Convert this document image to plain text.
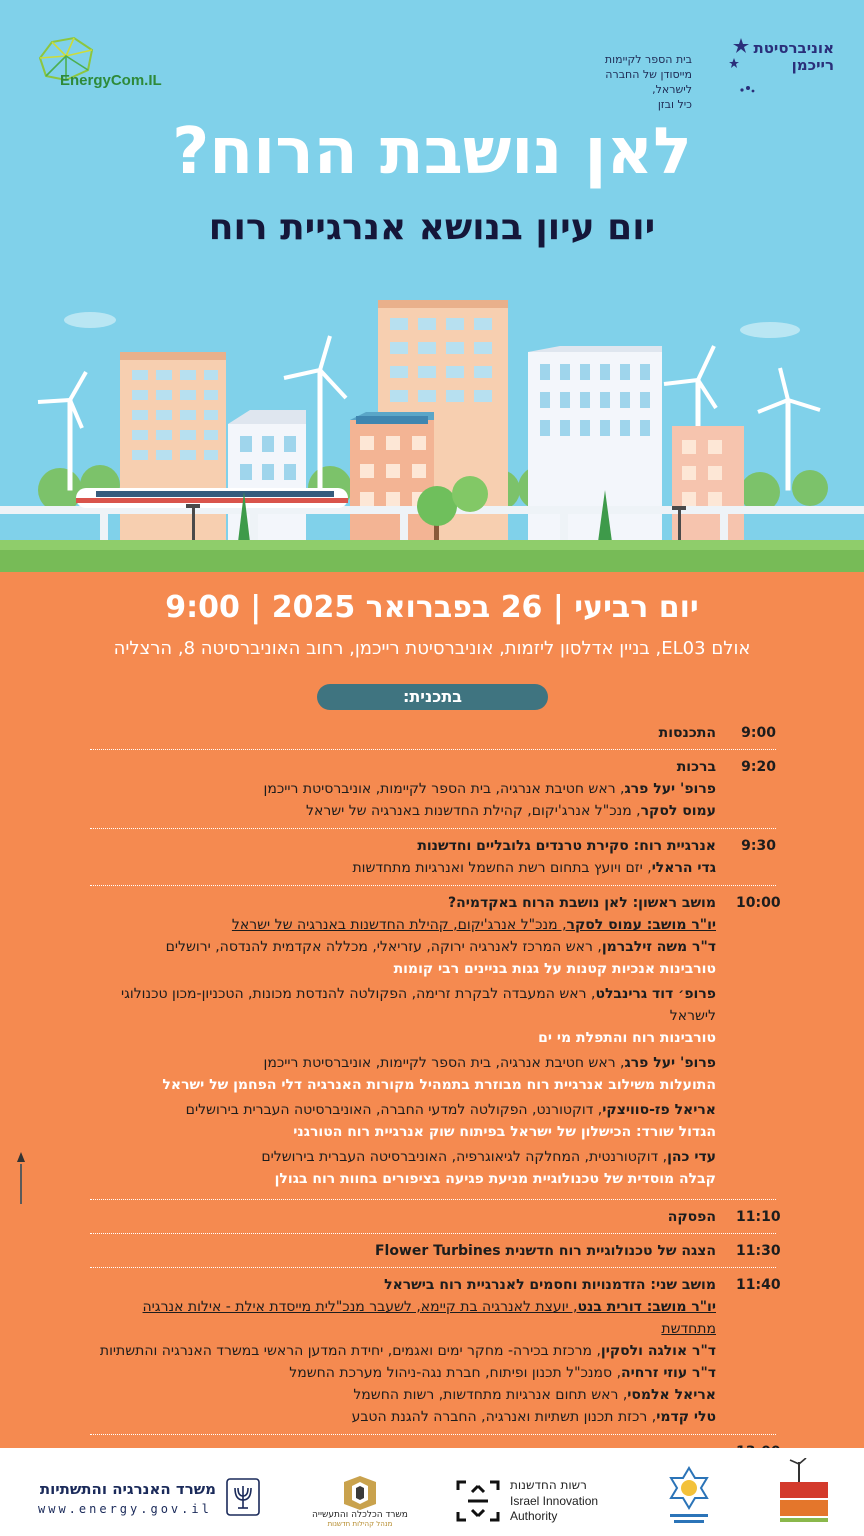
EnergyCom.IL
בית הספר לקיימות
מייסודן של החברה לישראל,
כיל ובזן
אוניברסיטת
רייכמן
לאן נושבת הרוח?
יום עיון בנושא אנרגיית רוח
יום רביעי | 26 בפברואר 2025 | 9:00
אולם EL03, בניין אדלסון ליזמות, אוניברסיטת רייכמן, רחוב האוניברסיטה 8, הרצליה
בתכנית:
9:00
התכנסות
9:20
ברכות
פרופ' יעל פרג, ראש חטיבת אנרגיה, בית הספר לקיימות, אוניברסיטת רייכמן
עמוס לסקר, מנכ"ל אנרג'יקום, קהילת החדשנות באנרגיה של ישראל
9:30
אנרגיית רוח: סקירת טרנדים גלובליים וחדשנות
גדי הראלי, יזם ויועץ בתחום רשת החשמל ואנרגיות מתחדשות
10:00
מושב ראשון: לאן נושבת הרוח באקדמיה?
יו"ר מושב: עמוס לסקר, מנכ"ל אנרג'יקום, קהילת החדשנות באנרגיה של ישראל
ד"ר משה זילברמן, ראש המרכז לאנרגיה ירוקה, עזריאלי, מכללה אקדמית להנדסה, ירושלים
טורבינות אנכיות קטנות על גגות בניינים רבי קומות
פרופ׳ דוד גרינבלט, ראש המעבדה לבקרת זרימה, הפקולטה להנדסת מכונות, הטכניון-מכון טכנולוגי לישראל
טורבינות רוח והתפלת מי ים
פרופ' יעל פרג, ראש חטיבת אנרגיה, בית הספר לקיימות, אוניברסיטת רייכמן
התועלות משילוב אנרגיית רוח מבוזרת בתמהיל מקורות האנרגיה דלי הפחמן של ישראל
אריאל פז-סוויצקי, דוקטורנט, הפקולטה למדעי החברה, האוניברסיטה העברית בירושלים
הגדול שורד: הכישלון של ישראל בפיתוח שוק אנרגיית רוח הטורגני
עדי כהן, דוקטורנטית, המחלקה לגיאוגרפיה, האוניברסיטה העברית בירושלים
קבלה מוסדית של טכנולוגיית מניעת פגיעה בציפורים בחוות רוח בגולן
11:10
הפסקה
11:30
הצגה של טכנולוגיית רוח חדשנית Flower Turbines
11:40
מושב שני: הזדמנויות וחסמים לאנרגיית רוח בישראל
יו"ר מושב: דורית בנט, יועצת לאנרגיה בת קיימא, לשעבר מנכ"לית מייסדת אילת - אילות אנרגיה מתחדשת
ד"ר אולגה ולסקין, מרכזת בכירה- מחקר ימים ואגמים, יחידת המדען הראשי במשרד האנרגיה והתשתיות
ד"ר עוזי זרחיה, סמנכ"ל תכנון ופיתוח, חברת נגה-ניהול מערכת החשמל
אריאל אלמסי, ראש תחום אנרגיות מתחדשות, רשות החשמל
טלי קדמי, רכזת תכנון תשתיות ואנרגיה, החברה להגנת הטבע
משרד האנרגיה והתשתיות
www.energy.gov.il	משרד הכלכלה והתעשייה
מנהל קהילות חדשנות
רשות החדשנות
Israel Innovation
Authority
